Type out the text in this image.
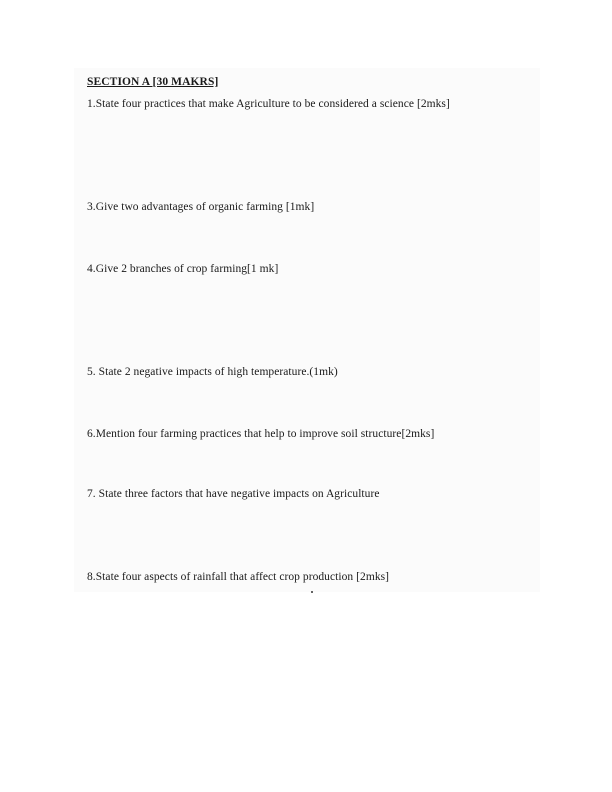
SECTION A [30 MAKRS]
1.State four practices that make Agriculture to be considered a science [2mks]
3.Give two advantages of organic farming [1mk]
4.Give 2 branches of crop farming[1 mk]
5. State 2 negative impacts of high temperature.(1mk)
6.Mention four farming practices that help to improve soil structure[2mks]
7. State three factors that have negative impacts on Agriculture
8.State four aspects of rainfall that affect crop production [2mks]
